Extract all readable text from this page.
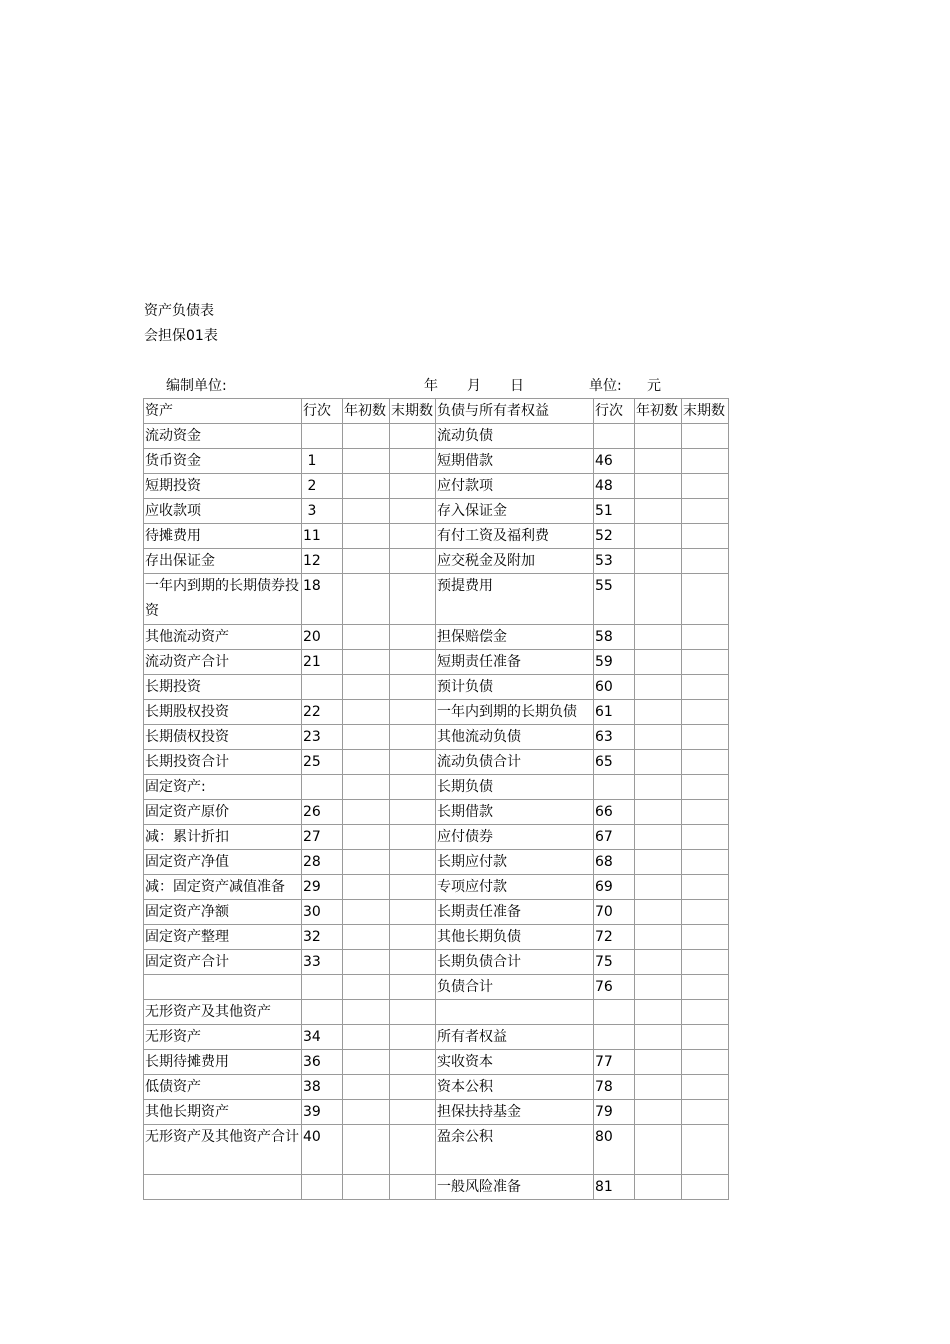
资产负债表
会担保01表
编制单位:	年 月 日	单位: 元
资产	行次	年初数	末期数	负债与所有者权益	行次	年初数	末期数
流动资金				流动负债			
货币资金	1			短期借款	46		
短期投资	2			应付款项	48		
应收款项	3			存入保证金	51		
待摊费用	11			有付工资及福利费	52		
存出保证金	12			应交税金及附加	53		
一年内到期的长期债券投资	18			预提费用	55		
其他流动资产	20			担保赔偿金	58		
流动资产合计	21			短期责任准备	59		
长期投资				预计负债	60		
长期股权投资	22			一年内到期的长期负债	61		
长期债权投资	23			其他流动负债	63		
长期投资合计	25			流动负债合计	65		
固定资产:				长期负债			
固定资产原价	26			长期借款	66		
减：累计折扣	27			应付债券	67		
固定资产净值	28			长期应付款	68		
减：固定资产减值准备	29			专项应付款	69		
固定资产净额	30			长期责任准备	70		
固定资产整理	32			其他长期负债	72		
固定资产合计	33			长期负债合计	75		
				负债合计	76		
无形资产及其他资产							
无形资产	34			所有者权益			
长期待摊费用	36			实收资本	77		
低债资产	38			资本公积	78		
其他长期资产	39			担保扶持基金	79		
无形资产及其他资产合计	40			盈余公积	80		
				一般风险准备	81		
